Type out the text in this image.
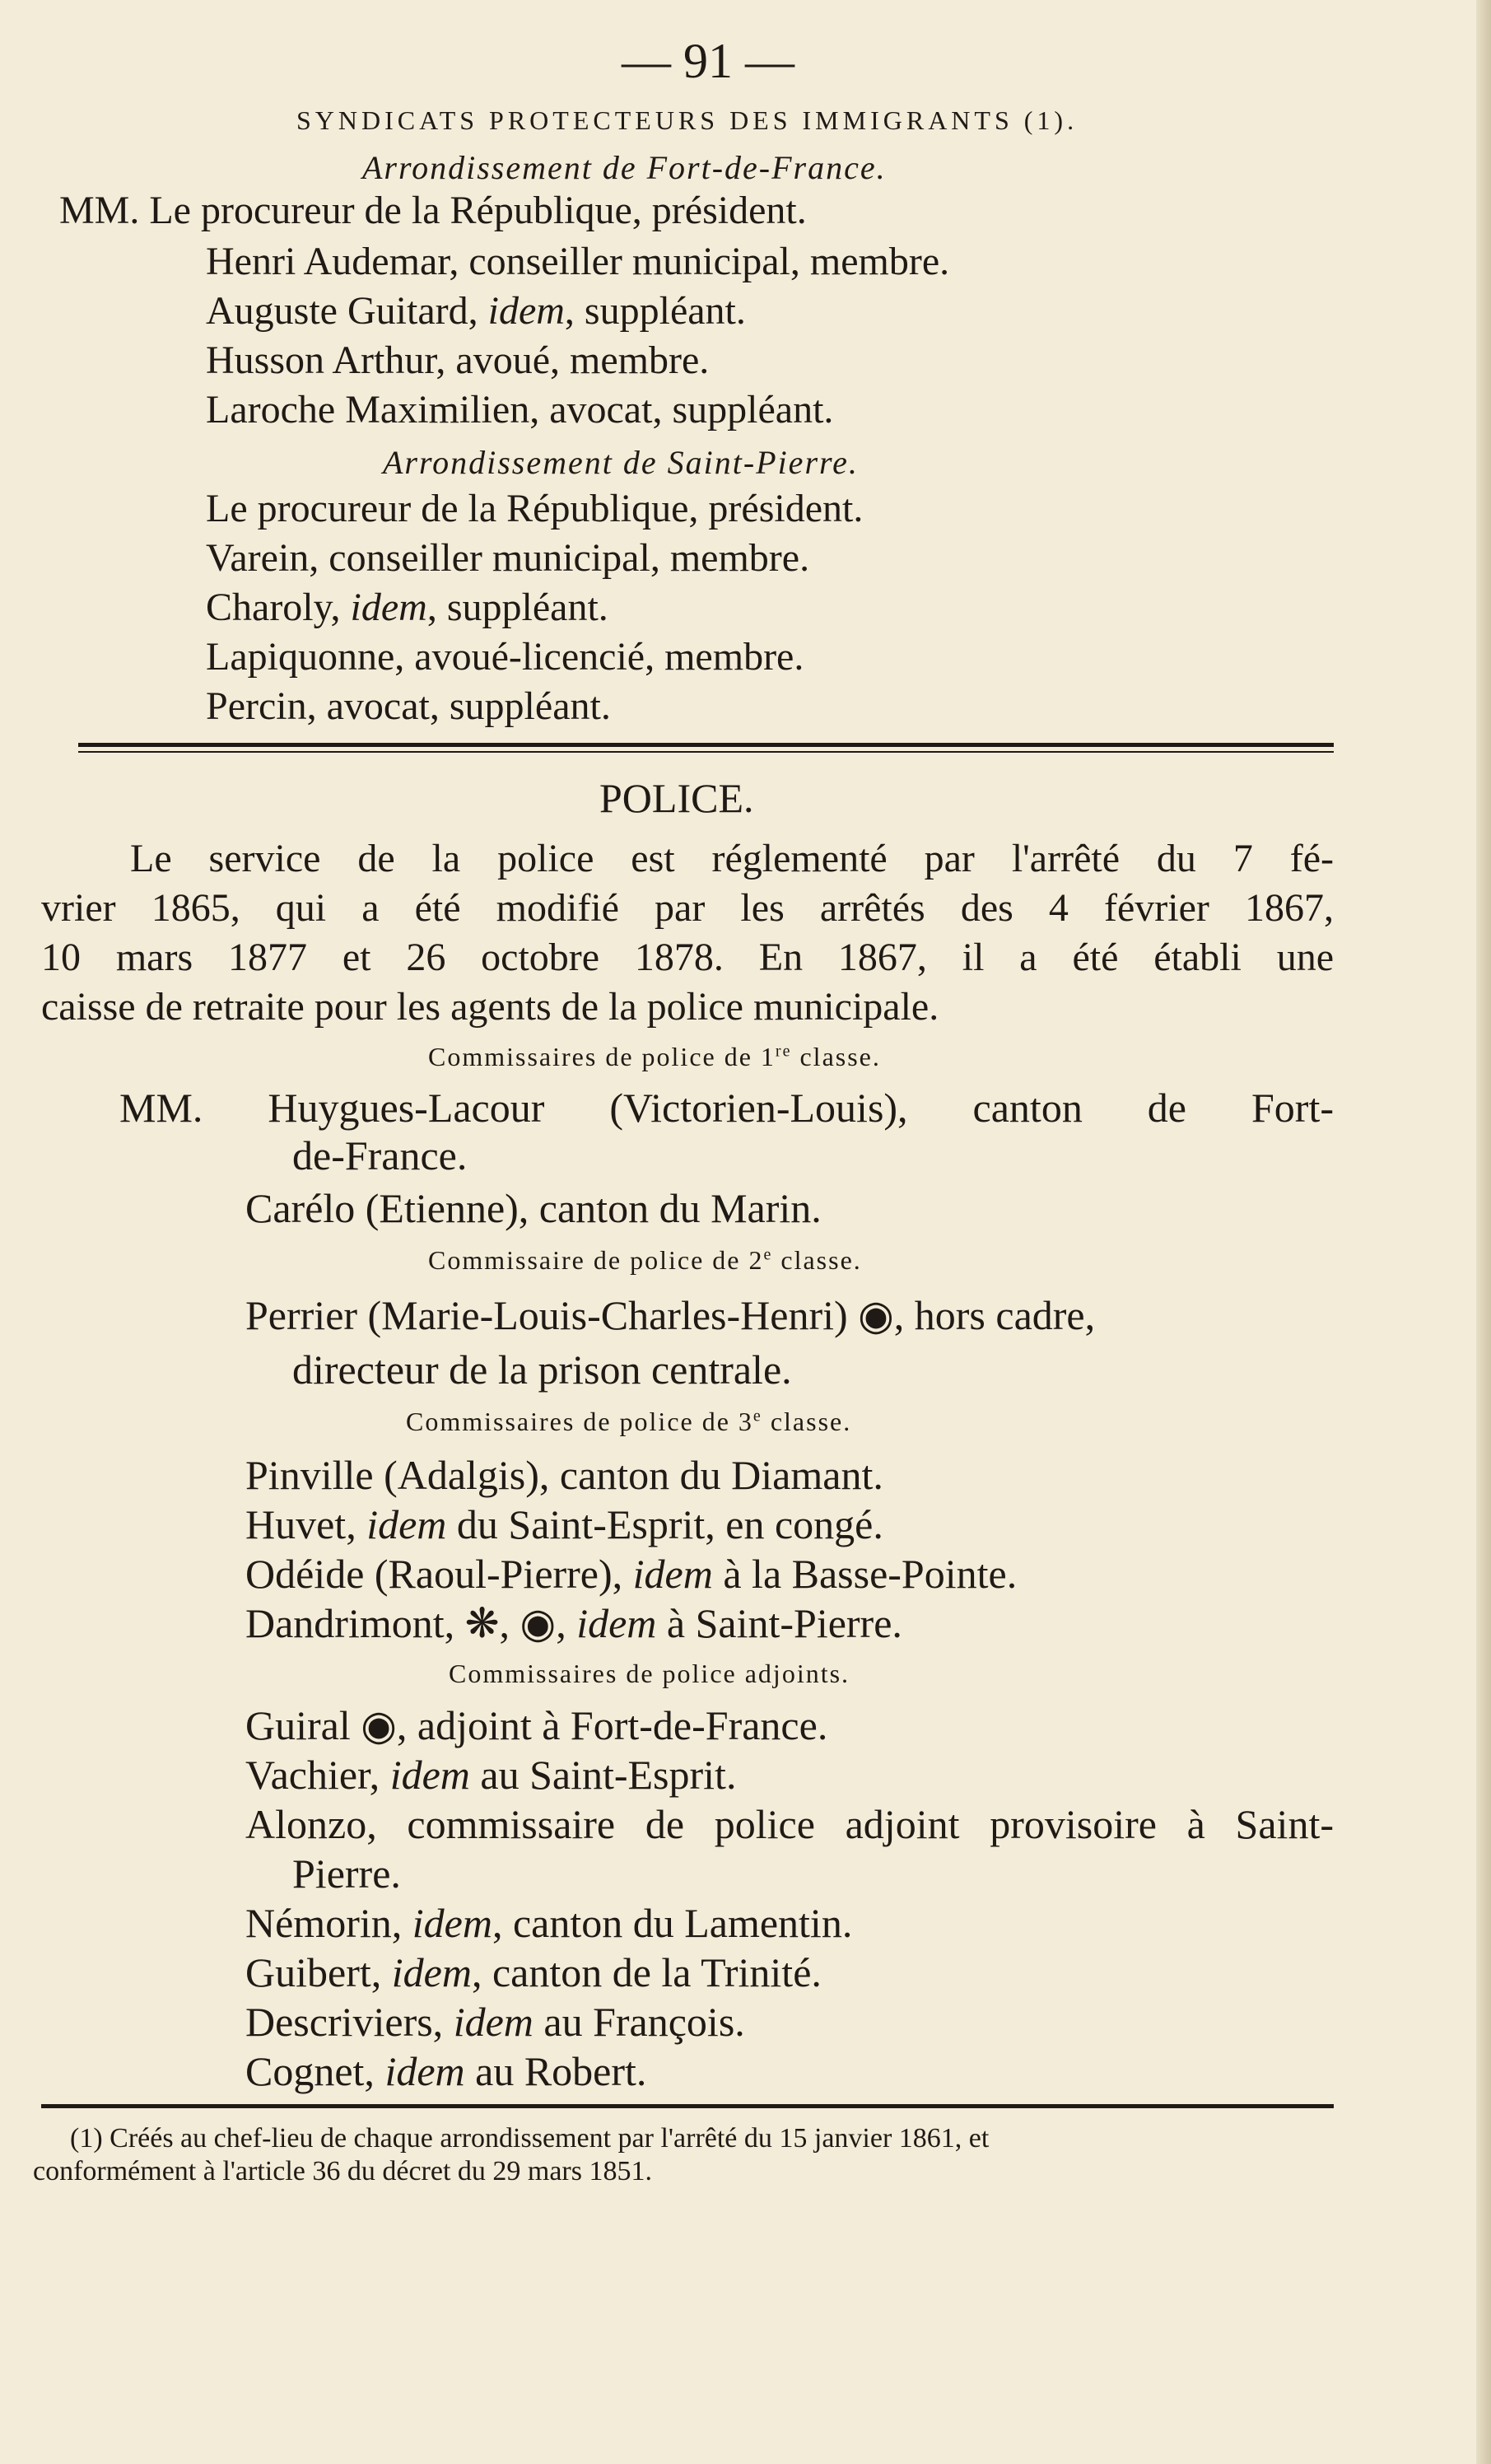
— 91 —
SYNDICATS PROTECTEURS DES IMMIGRANTS (1).
Arrondissement de Fort-de-France.
MM. Le procureur de la République, président.
Henri Audemar, conseiller municipal, membre.
Auguste Guitard, idem, suppléant.
Husson Arthur, avoué, membre.
Laroche Maximilien, avocat, suppléant.
Arrondissement de Saint-Pierre.
Le procureur de la République, président.
Varein, conseiller municipal, membre.
Charoly, idem, suppléant.
Lapiquonne, avoué-licencié, membre.
Percin, avocat, suppléant.
POLICE.
Le service de la police est réglementé par l'arrêté du 7 fé-
vrier 1865, qui a été modifié par les arrêtés des 4 février 1867,
10 mars 1877 et 26 octobre 1878. En 1867, il a été établi une
caisse de retraite pour les agents de la police municipale.
Commissaires de police de 1re classe.
MM. Huygues-Lacour (Victorien-Louis), canton de Fort-
de-France.
Carélo (Etienne), canton du Marin.
Commissaire de police de 2e classe.
Perrier (Marie-Louis-Charles-Henri) ◉, hors cadre,
directeur de la prison centrale.
Commissaires de police de 3e classe.
Pinville (Adalgis), canton du Diamant.
Huvet, idem du Saint-Esprit, en congé.
Odéide (Raoul-Pierre), idem à la Basse-Pointe.
Dandrimont, ❋, ◉, idem à Saint-Pierre.
Commissaires de police adjoints.
Guiral ◉, adjoint à Fort-de-France.
Vachier, idem au Saint-Esprit.
Alonzo, commissaire de police adjoint provisoire à Saint-
Pierre.
Némorin, idem, canton du Lamentin.
Guibert, idem, canton de la Trinité.
Descriviers, idem au François.
Cognet, idem au Robert.
(1) Créés au chef-lieu de chaque arrondissement par l'arrêté du 15 janvier 1861, et
conformément à l'article 36 du décret du 29 mars 1851.
